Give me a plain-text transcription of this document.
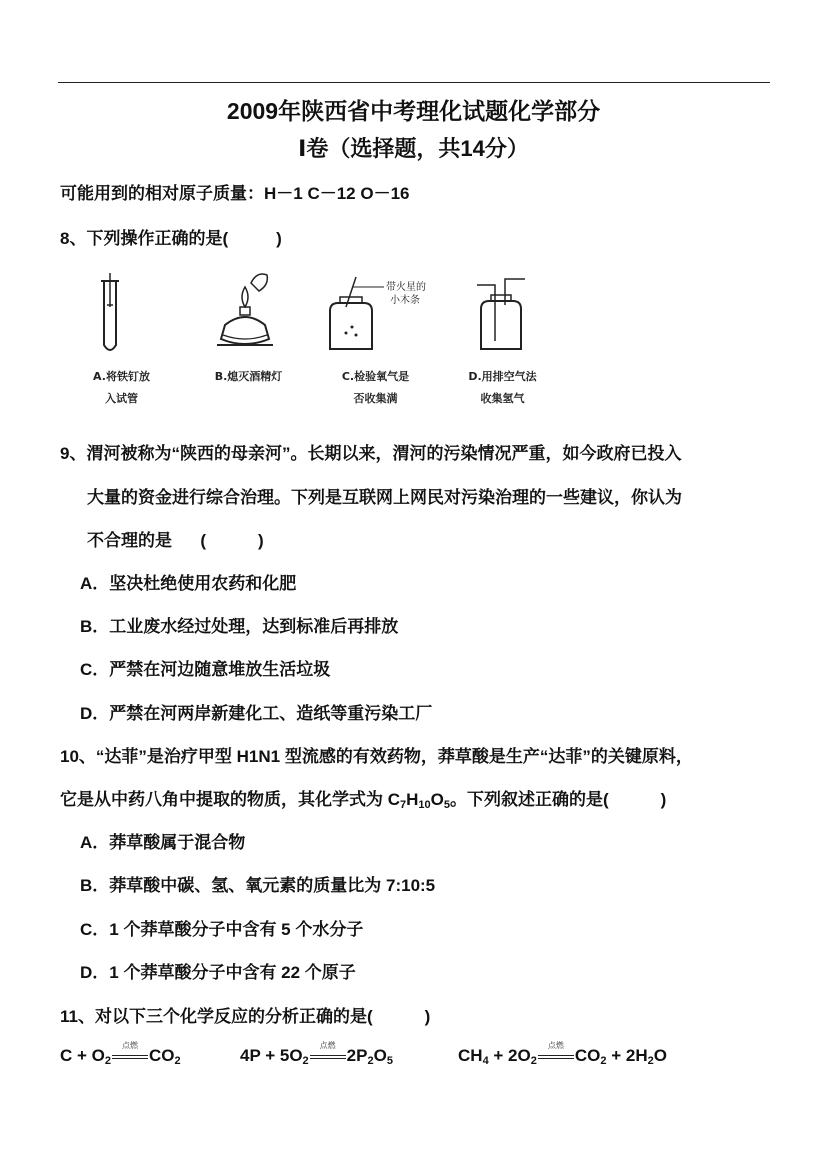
2009年陕西省中考理化试题化学部分
Ⅰ卷（选择题，共14分）
可能用到的相对原子质量：H－1 C－12 O－16
8、下列操作正确的是(	)
A.将铁钉放
入试管
B.熄灭酒精灯
带火星的
小木条
C.检验氧气是
否收集满
D.用排空气法
收集氢气
9、渭河被称为“陕西的母亲河”。长期以来，渭河的污染情况严重，如今政府已投入
大量的资金进行综合治理。下列是互联网上网民对污染治理的一些建议，你认为
不合理的是      (           )
A．坚决杜绝使用农药和化肥
B．工业废水经过处理，达到标准后再排放
C．严禁在河边随意堆放生活垃圾
D．严禁在河两岸新建化工、造纸等重污染工厂
10、“达菲”是治疗甲型 H1N1 型流感的有效药物，莽草酸是生产“达菲”的关键原料，
它是从中药八角中提取的物质，其化学式为 $C_7H_{10}O_5$。下列叙述正确的是(           )
A．莽草酸属于混合物
B．莽草酸中碳、氢、氧元素的质量比为 7:10:5
C．1 个莽草酸分子中含有 5 个水分子
D．1 个莽草酸分子中含有 22 个原子
11、对以下三个化学反应的分析正确的是(           )
$C + O_2$
点燃
$CO_2$	$4P + 5O_2$
点燃
$2P_2O_5$	$CH_4 + 2O_2$
点燃
$CO_2 + 2H_2O$
